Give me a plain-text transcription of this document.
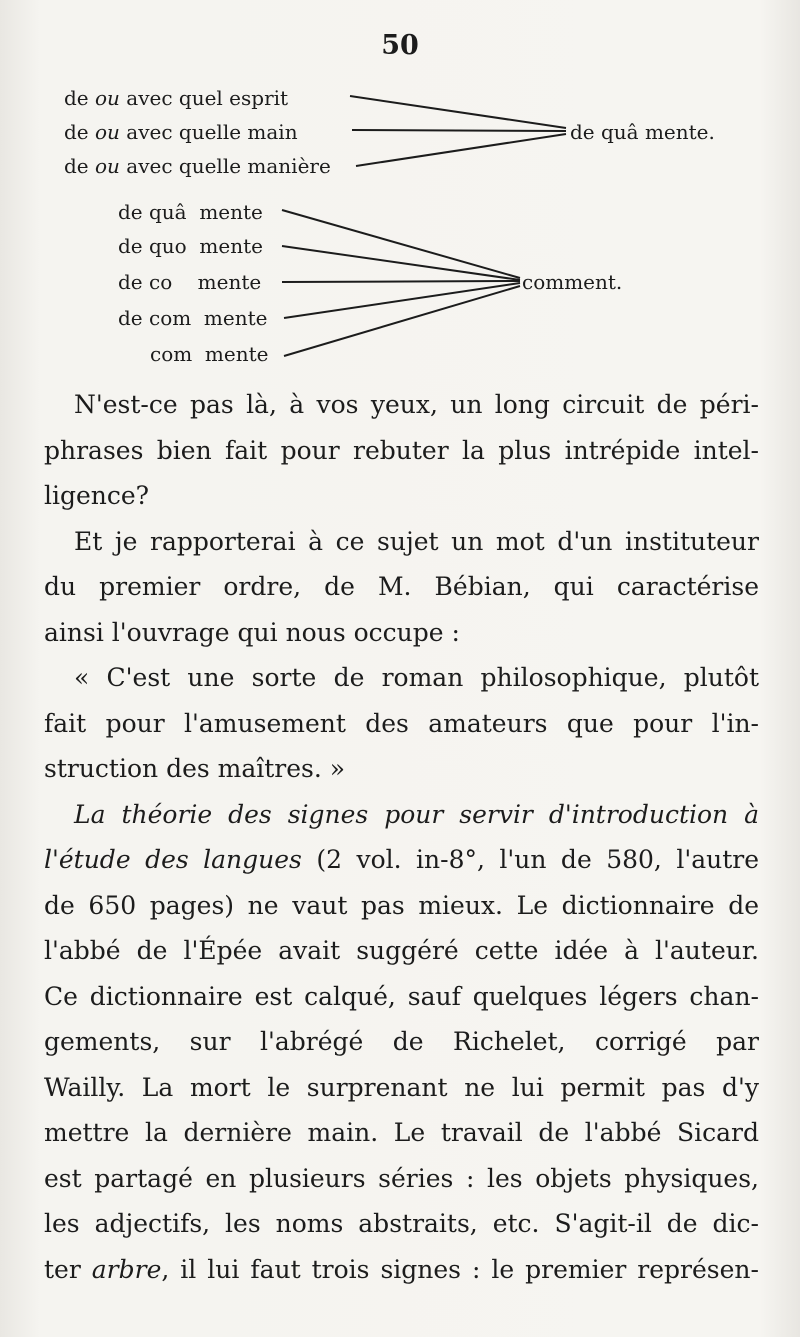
50
de ou avec quel esprit
de ou avec quelle main
de ou avec quelle manière
de quâ mente.
de quâ  mente
de quo  mente
de co    mente
de com  mente
com  mente
comment.

N'est-ce pas là, à vos yeux, un long circuit de péri-
phrases bien fait pour rebuter la plus intrépide intel-
ligence?

Et je rapporterai à ce sujet un mot d'un instituteur
du premier ordre, de M. Bébian, qui caractérise
ainsi l'ouvrage qui nous occupe :

« C'est une sorte de roman philosophique, plutôt
fait pour l'amusement des amateurs que pour l'in-
struction des maîtres. »

La théorie des signes pour servir d'introduction à
l'étude des langues (2 vol. in-8°, l'un de 580, l'autre
de 650 pages) ne vaut pas mieux. Le dictionnaire de
l'abbé de l'Épée avait suggéré cette idée à l'auteur.
Ce dictionnaire est calqué, sauf quelques légers chan-
gements, sur l'abrégé de Richelet, corrigé par
Wailly. La mort le surprenant ne lui permit pas d'y
mettre la dernière main. Le travail de l'abbé Sicard
est partagé en plusieurs séries : les objets physiques,
les adjectifs, les noms abstraits, etc. S'agit-il de dic-
ter arbre, il lui faut trois signes : le premier représen-
